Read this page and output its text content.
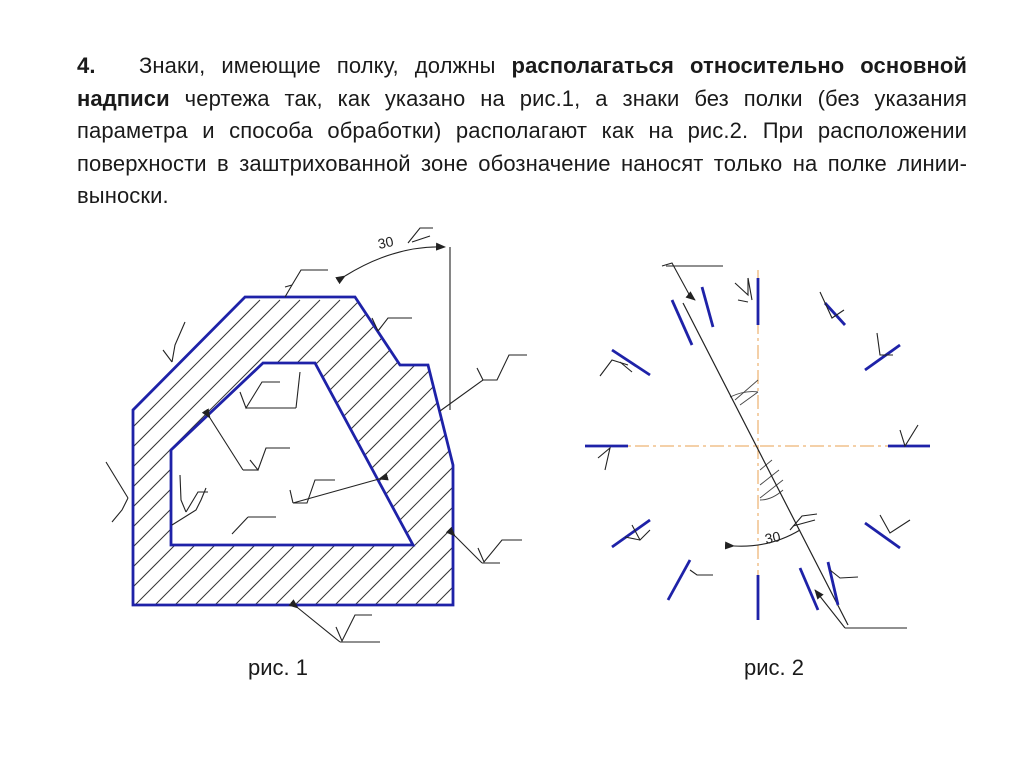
4. Знаки, имеющие полку, должны располагаться относительно основной надписи чертежа так, как указано на рис.1, а знаки без полки (без указания параметра и способа обработки) располагают как на рис.2. При расположении поверхности в заштрихованной зоне обозначение наносят только на полке линии-выноски.
30
30
рис. 1	рис. 2
